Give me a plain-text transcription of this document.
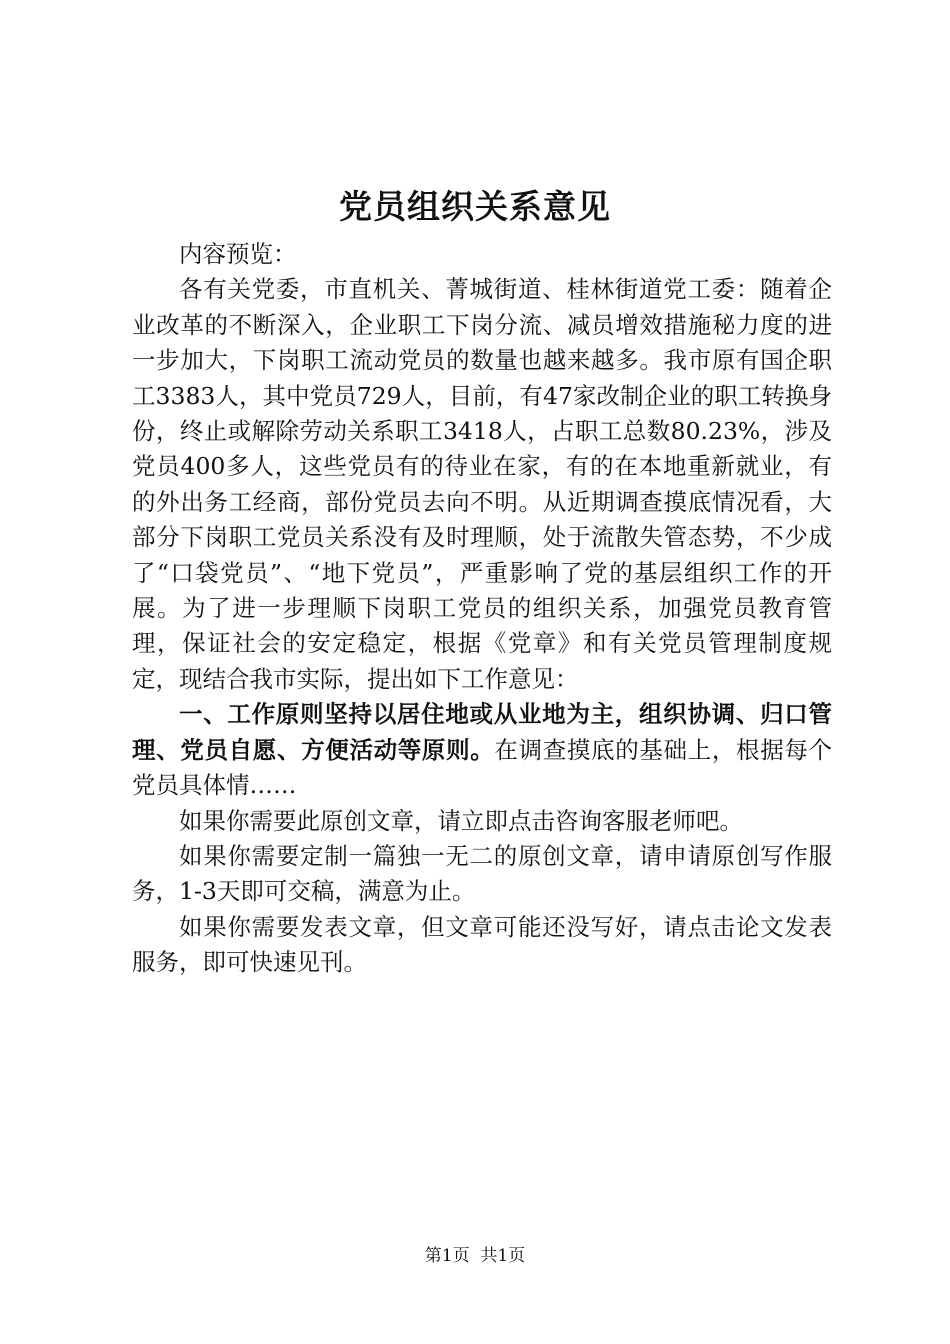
党员组织关系意见

内容预览：

各有关党委，市直机关、菁城街道、桂林街道党工委：随着企业改革的不断深入，企业职工下岗分流、减员增效措施秘力度的进一步加大，下岗职工流动党员的数量也越来越多。我市原有国企职工3383人，其中党员729人，目前，有47家改制企业的职工转换身份，终止或解除劳动关系职工3418人，占职工总数80.23%，涉及党员400多人，这些党员有的待业在家，有的在本地重新就业，有的外出务工经商，部份党员去向不明。从近期调查摸底情况看，大部分下岗职工党员关系没有及时理顺，处于流散失管态势，不少成了“口袋党员”、“地下党员”，严重影响了党的基层组织工作的开展。为了进一步理顺下岗职工党员的组织关系，加强党员教育管理，保证社会的安定稳定，根据《党章》和有关党员管理制度规定，现结合我市实际，提出如下工作意见：

一、工作原则坚持以居住地或从业地为主，组织协调、归口管理、党员自愿、方便活动等原则。在调查摸底的基础上，根据每个党员具体情……

如果你需要此原创文章，请立即点击咨询客服老师吧。

如果你需要定制一篇独一无二的原创文章，请申请原创写作服务，1-3天即可交稿，满意为止。

如果你需要发表文章，但文章可能还没写好，请点击论文发表服务，即可快速见刊。

第1页  共1页
